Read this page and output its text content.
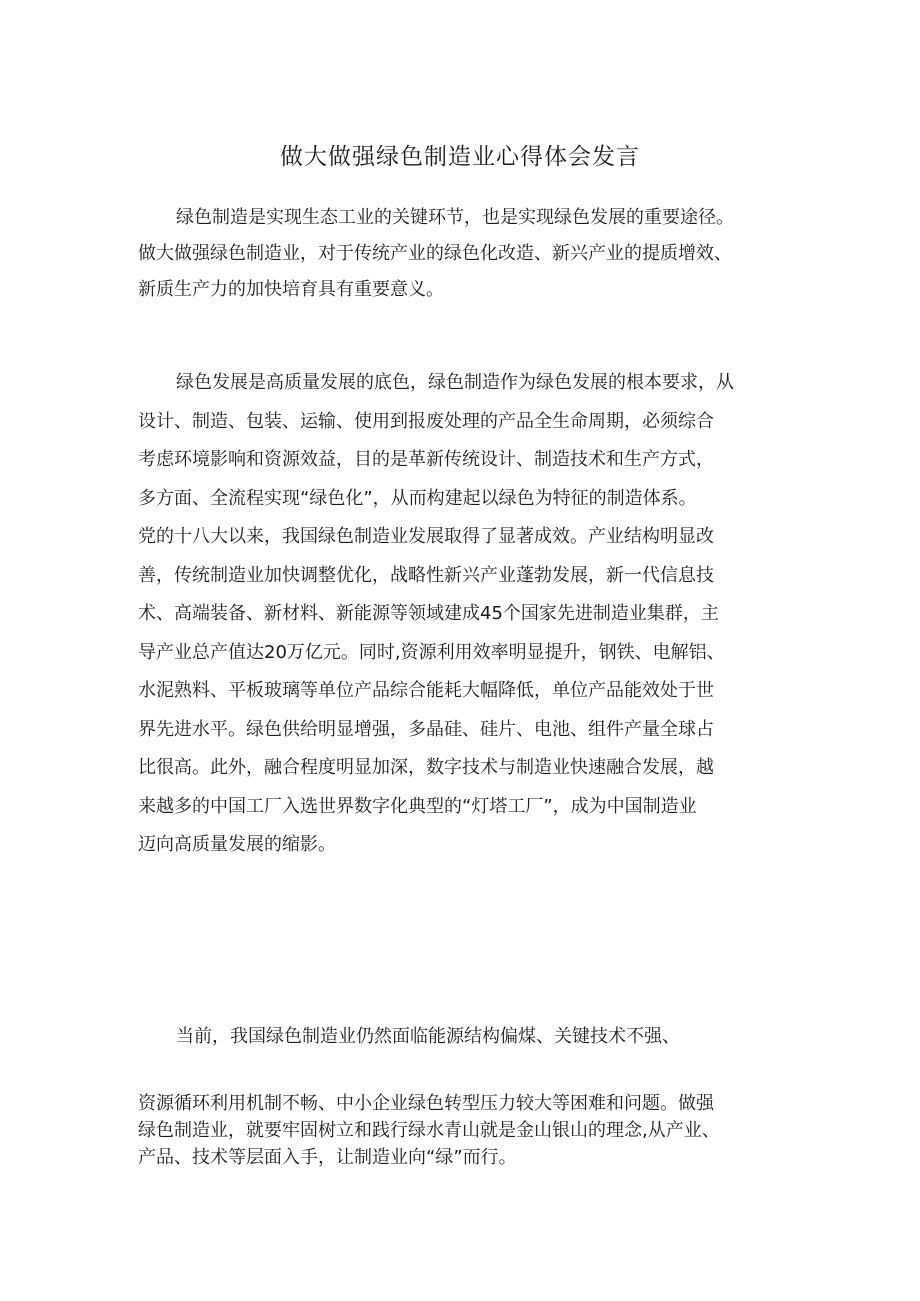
做大做强绿色制造业心得体会发言
绿色制造是实现生态工业的关键环节，也是实现绿色发展的重要途径。
做大做强绿色制造业，对于传统产业的绿色化改造、新兴产业的提质增效、
新质生产力的加快培育具有重要意义。
绿色发展是高质量发展的底色，绿色制造作为绿色发展的根本要求，从
设计、制造、包装、运输、使用到报废处理的产品全生命周期，必须综合
考虑环境影响和资源效益，目的是革新传统设计、制造技术和生产方式，
多方面、全流程实现“绿色化”，从而构建起以绿色为特征的制造体系。
党的十八大以来，我国绿色制造业发展取得了显著成效。产业结构明显改
善，传统制造业加快调整优化，战略性新兴产业蓬勃发展，新一代信息技
术、高端装备、新材料、新能源等领域建成45个国家先进制造业集群，主
导产业总产值达20万亿元。同时,资源利用效率明显提升，钢铁、电解铝、
水泥熟料、平板玻璃等单位产品综合能耗大幅降低，单位产品能效处于世
界先进水平。绿色供给明显增强，多晶硅、硅片、电池、组件产量全球占
比很高。此外，融合程度明显加深，数字技术与制造业快速融合发展，越
来越多的中国工厂入选世界数字化典型的“灯塔工厂”，成为中国制造业
迈向高质量发展的缩影。
当前，我国绿色制造业仍然面临能源结构偏煤、关键技术不强、
资源循环利用机制不畅、中小企业绿色转型压力较大等困难和问题。做强
绿色制造业，就要牢固树立和践行绿水青山就是金山银山的理念,从产业、
产品、技术等层面入手，让制造业向“绿”而行。
